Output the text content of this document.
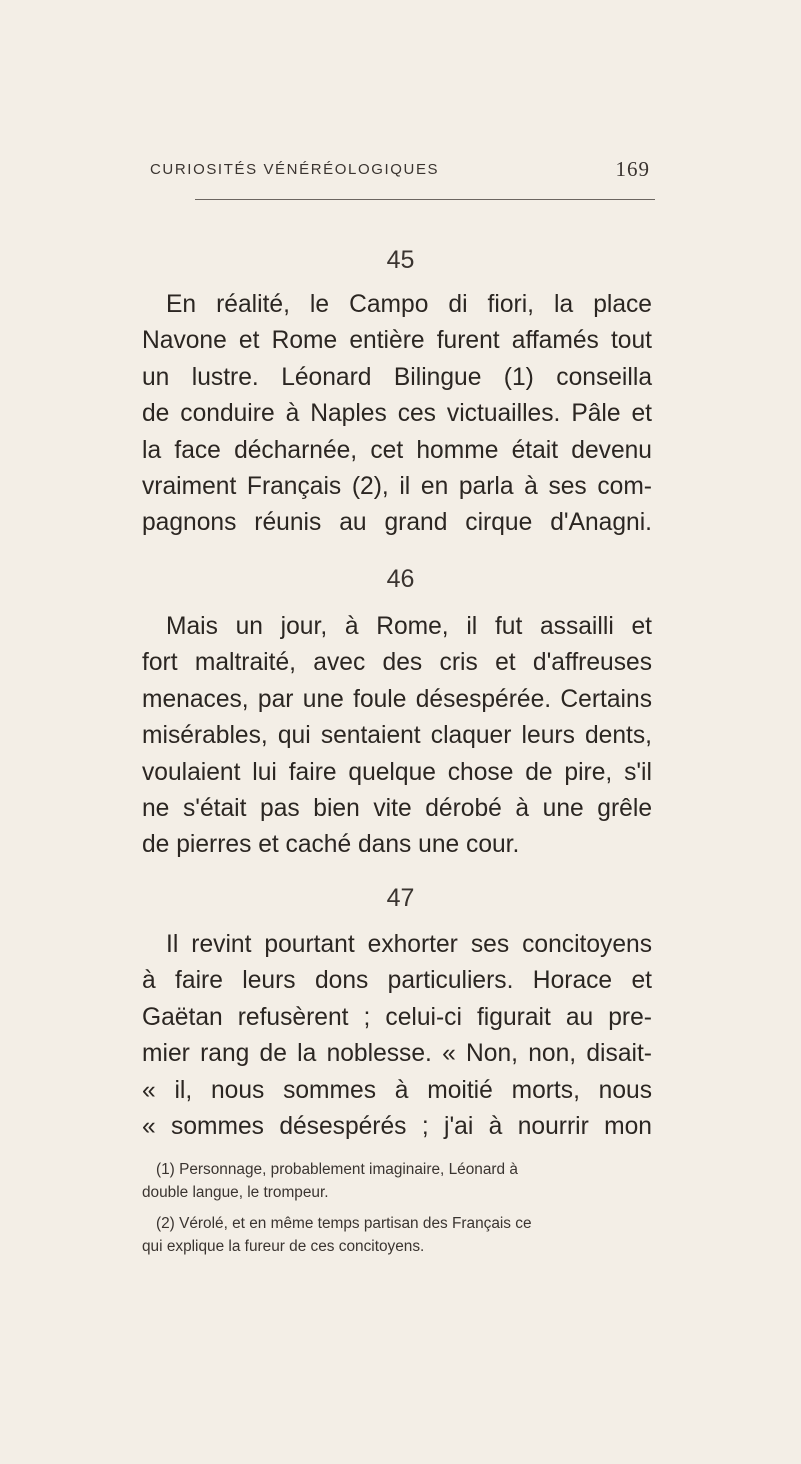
CURIOSITÉS VÉNÉRÉOLOGIQUES	169
45
En réalité, le Campo di fiori, la place
Navone et Rome entière furent affamés tout
un lustre. Léonard Bilingue (1) conseilla
de conduire à Naples ces victuailles. Pâle et
la face décharnée, cet homme était devenu
vraiment Français (2), il en parla à ses com-
pagnons réunis au grand cirque d'Anagni.
46
Mais un jour, à Rome, il fut assailli et
fort maltraité, avec des cris et d'affreuses
menaces, par une foule désespérée. Certains
misérables, qui sentaient claquer leurs dents,
voulaient lui faire quelque chose de pire, s'il
ne s'était pas bien vite dérobé à une grêle
de pierres et caché dans une cour.
47
Il revint pourtant exhorter ses concitoyens
à faire leurs dons particuliers. Horace et
Gaëtan refusèrent ; celui-ci figurait au pre-
mier rang de la noblesse. « Non, non, disait-
« il, nous sommes à moitié morts, nous
« sommes désespérés ; j'ai à nourrir mon
(1) Personnage, probablement imaginaire, Léonard à
double langue, le trompeur.
(2) Vérolé, et en même temps partisan des Français ce
qui explique la fureur de ces concitoyens.
